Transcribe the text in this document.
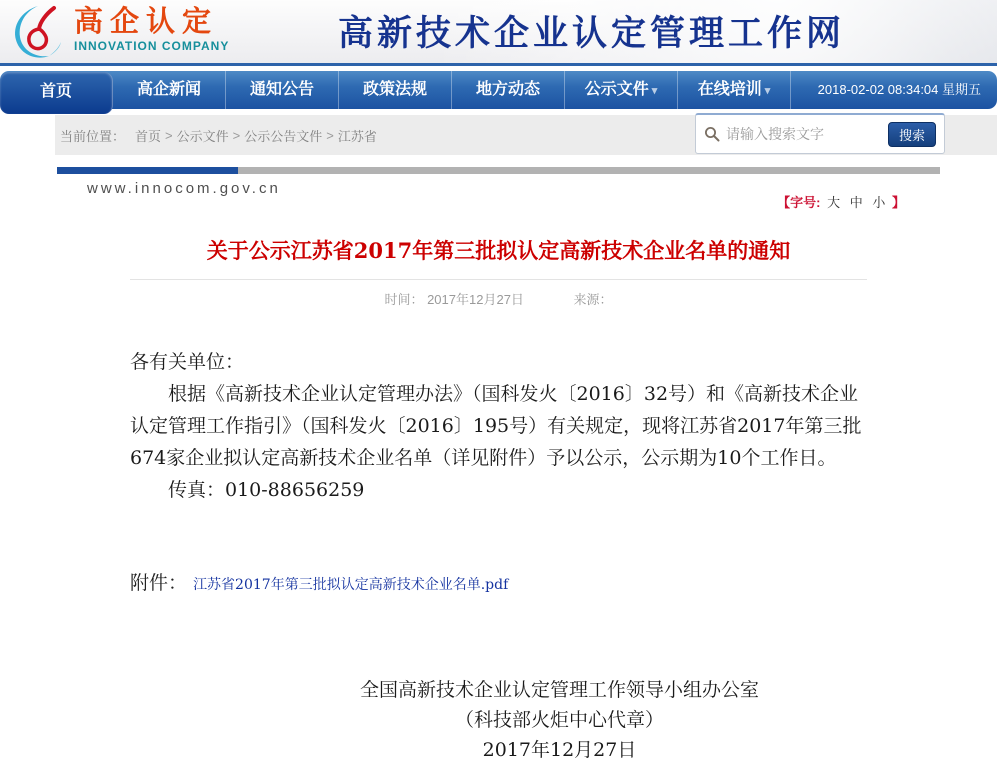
高企认定
INNOVATION COMPANY	高新技术企业认定管理工作网
首页	高企新闻	通知公告	政策法规	地方动态	公示文件 ▾	在线培训 ▾	2018-02-02 08:34:04 星期五
当前位置： 首页 > 公示文件 > 公示公告文件 > 江苏省
请输入搜索文字	搜索
www.innocom.gov.cn
【字号: 大 中 小 】
关于公示江苏省2017年第三批拟认定高新技术企业名单的通知
时间： 2017年12月27日	来源：

各有关单位：

根据《高新技术企业认定管理办法》（国科发火〔2016〕32号）和《高新技术企业认定管理工作指引》（国科发火〔2016〕195号）有关规定，现将江苏省2017年第三批674家企业拟认定高新技术企业名单（详见附件）予以公示，公示期为10个工作日。

传真：010-88656259

附件： 江苏省2017年第三批拟认定高新技术企业名单.pdf
全国高新技术企业认定管理工作领导小组办公室
（科技部火炬中心代章）
2017年12月27日
